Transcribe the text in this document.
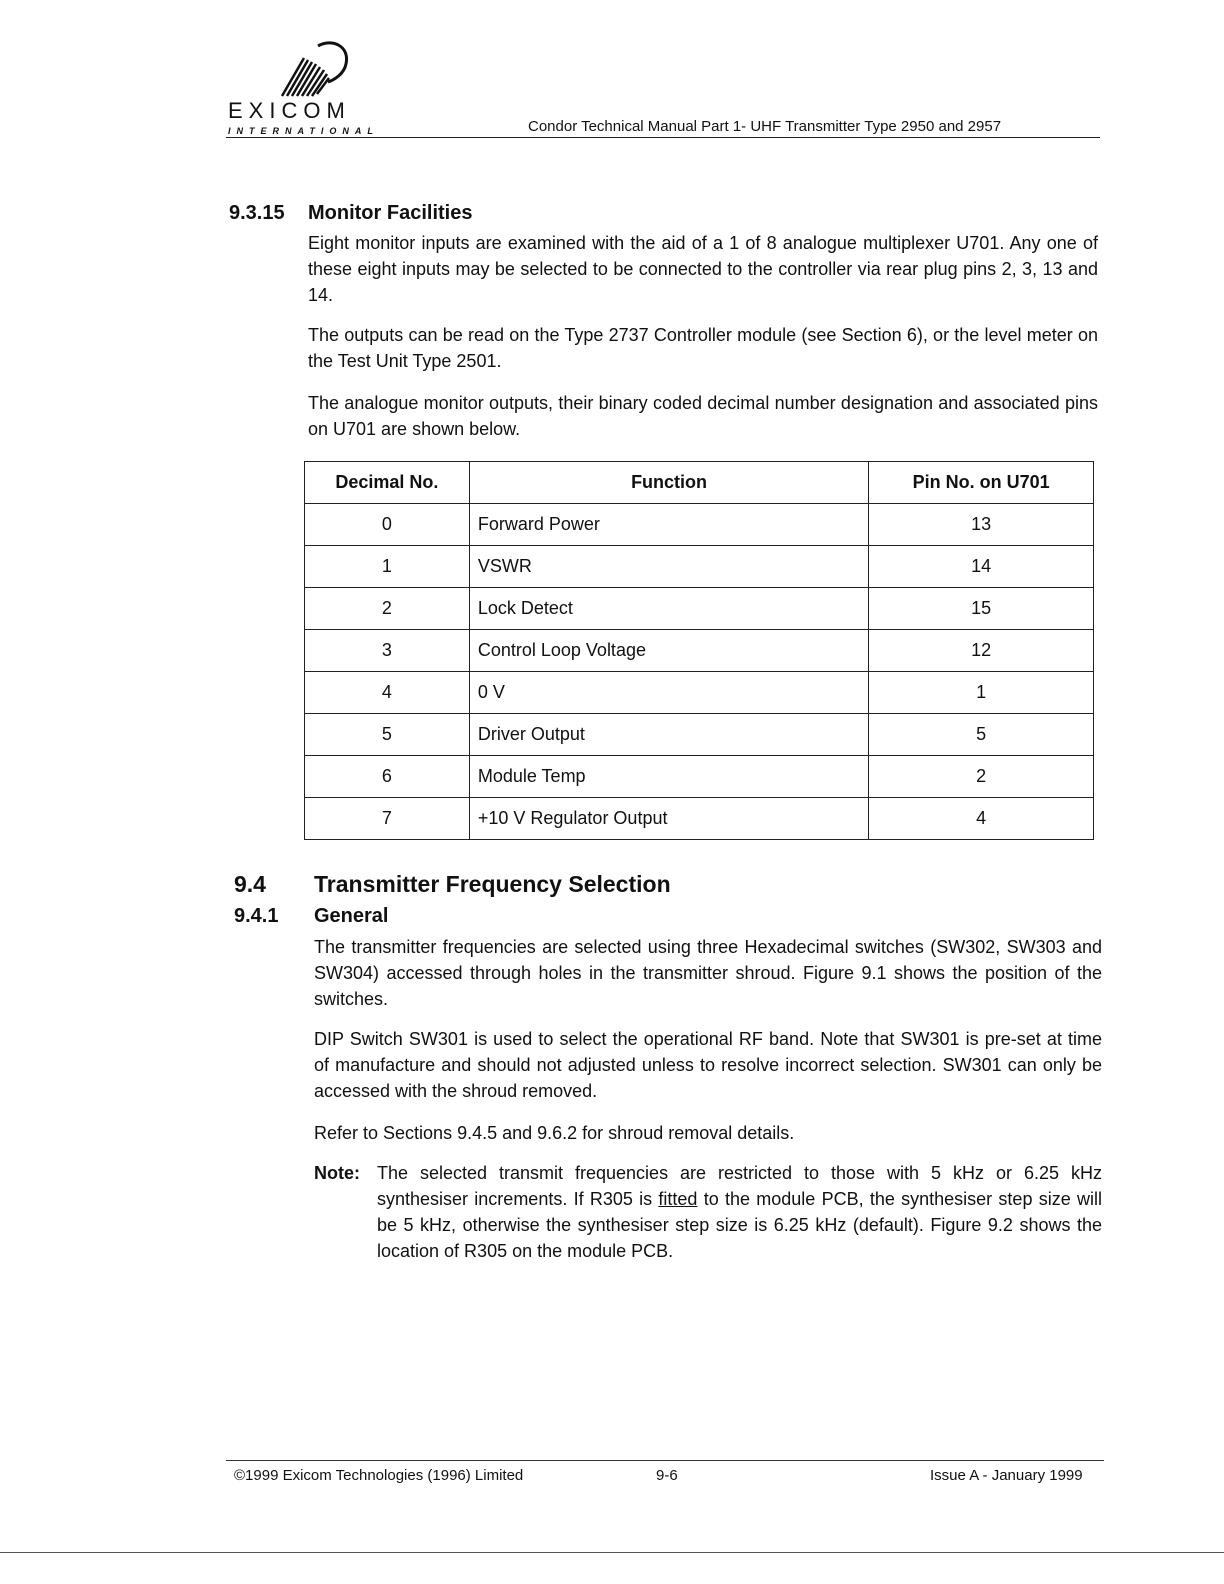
EXICOM
INTERNATIONAL	Condor Technical Manual Part 1- UHF Transmitter Type 2950 and 2957
9.3.15 Monitor Facilities
Eight monitor inputs are examined with the aid of a 1 of 8 analogue multiplexer U701. Any one of these eight inputs may be selected to be connected to the controller via rear plug pins 2, 3, 13 and 14.
The outputs can be read on the Type 2737 Controller module (see Section 6), or the level meter on the Test Unit Type 2501.
The analogue monitor outputs, their binary coded decimal number designation and associated pins on U701 are shown below.
Decimal No.	Function	Pin No. on U701
0	Forward Power	13
1	VSWR	14
2	Lock Detect	15
3	Control Loop Voltage	12
4	0 V	1
5	Driver Output	5
6	Module Temp	2
7	+10 V Regulator Output	4
9.4 Transmitter Frequency Selection
9.4.1 General
The transmitter frequencies are selected using three Hexadecimal switches (SW302, SW303 and SW304) accessed through holes in the transmitter shroud. Figure 9.1 shows the position of the switches.
DIP Switch SW301 is used to select the operational RF band. Note that SW301 is pre-set at time of manufacture and should not adjusted unless to resolve incorrect selection. SW301 can only be accessed with the shroud removed.
Refer to Sections 9.4.5 and 9.6.2 for shroud removal details.
Note: The selected transmit frequencies are restricted to those with 5 kHz or 6.25 kHz synthesiser increments. If R305 is fitted to the module PCB, the synthesiser step size will be 5 kHz, otherwise the synthesiser step size is 6.25 kHz (default). Figure 9.2 shows the location of R305 on the module PCB.
©1999 Exicom Technologies (1996) Limited	9-6	Issue A - January 1999
